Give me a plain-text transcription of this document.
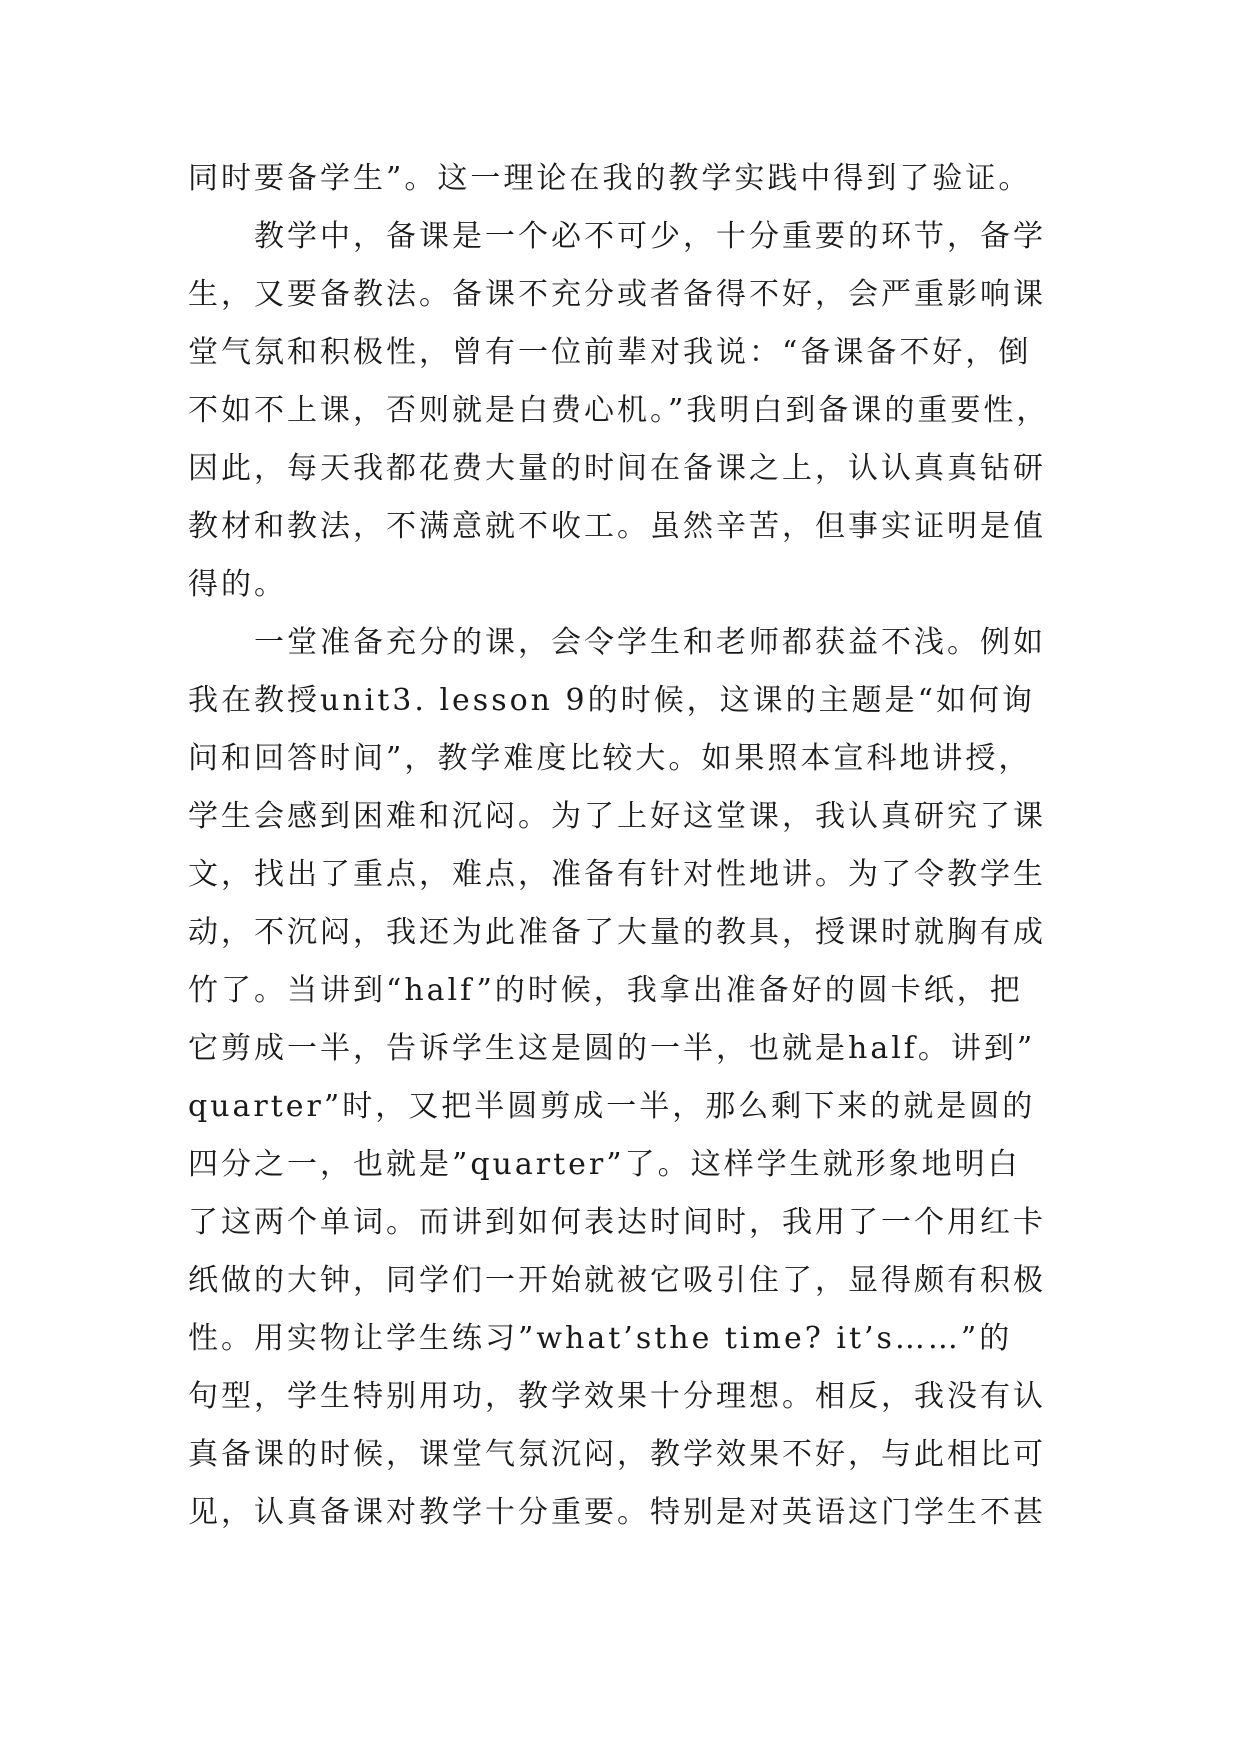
同时要备学生”。这一理论在我的教学实践中得到了验证。
教学中，备课是一个必不可少，十分重要的环节，备学
生，又要备教法。备课不充分或者备得不好，会严重影响课
堂气氛和积极性，曾有一位前辈对我说：“备课备不好，倒
不如不上课，否则就是白费心机。”我明白到备课的重要性，
因此，每天我都花费大量的时间在备课之上，认认真真钻研
教材和教法，不满意就不收工。虽然辛苦，但事实证明是值
得的。
一堂准备充分的课，会令学生和老师都获益不浅。例如
我在教授unit3. lesson 9的时候，这课的主题是“如何询
问和回答时间”，教学难度比较大。如果照本宣科地讲授，
学生会感到困难和沉闷。为了上好这堂课，我认真研究了课
文，找出了重点，难点，准备有针对性地讲。为了令教学生
动，不沉闷，我还为此准备了大量的教具，授课时就胸有成
竹了。当讲到“half”的时候，我拿出准备好的圆卡纸，把
它剪成一半，告诉学生这是圆的一半，也就是half。讲到”
quarter”时，又把半圆剪成一半，那么剩下来的就是圆的
四分之一，也就是”quarter”了。这样学生就形象地明白
了这两个单词。而讲到如何表达时间时，我用了一个用红卡
纸做的大钟，同学们一开始就被它吸引住了，显得颇有积极
性。用实物让学生练习”what’sthe time? it’s……”的
句型，学生特别用功，教学效果十分理想。相反，我没有认
真备课的时候，课堂气氛沉闷，教学效果不好，与此相比可
见，认真备课对教学十分重要。特别是对英语这门学生不甚
